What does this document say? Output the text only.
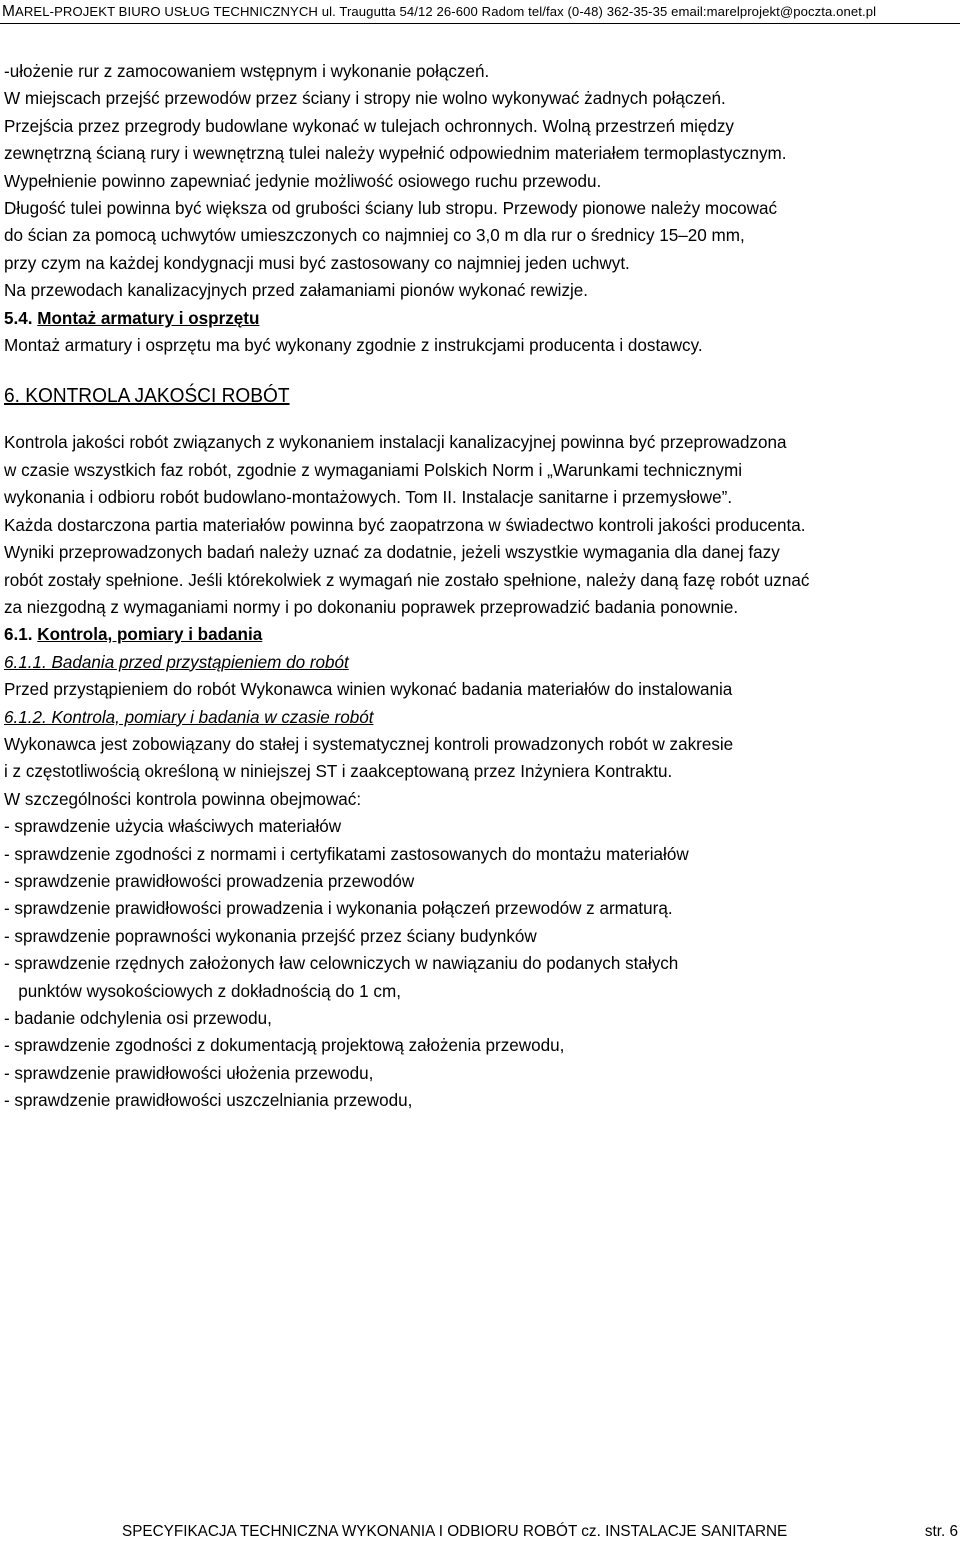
MAREL-PROJEKT BIURO USŁUG TECHNICZNYCH ul. Traugutta 54/12 26-600 Radom tel/fax (0-48) 362-35-35 email:marelprojekt@poczta.onet.pl

-ułożenie rur z zamocowaniem wstępnym i wykonanie połączeń.

W miejscach przejść przewodów przez ściany i stropy nie wolno wykonywać żadnych połączeń.

Przejścia przez przegrody budowlane wykonać w tulejach ochronnych. Wolną przestrzeń między

zewnętrzną ścianą rury i wewnętrzną tulei należy wypełnić odpowiednim materiałem termoplastycznym.

Wypełnienie powinno zapewniać jedynie możliwość osiowego ruchu przewodu.

Długość tulei powinna być większa od grubości ściany lub stropu. Przewody pionowe należy mocować

do ścian za pomocą uchwytów umieszczonych co najmniej co 3,0 m dla rur o średnicy 15–20 mm,

przy czym na każdej kondygnacji musi być zastosowany co najmniej jeden uchwyt.

Na przewodach kanalizacyjnych przed załamaniami pionów wykonać rewizje.

5.4. Montaż armatury i osprzętu

Montaż armatury i osprzętu ma być wykonany zgodnie z instrukcjami producenta i dostawcy.

6. KONTROLA JAKOŚCI ROBÓT

Kontrola jakości robót związanych z wykonaniem instalacji kanalizacyjnej powinna być przeprowadzona

w czasie wszystkich faz robót, zgodnie z wymaganiami Polskich Norm i „Warunkami technicznymi

wykonania i odbioru robót budowlano-montażowych. Tom II. Instalacje sanitarne i przemysłowe”.

Każda dostarczona partia materiałów powinna być zaopatrzona w świadectwo kontroli jakości producenta.

Wyniki przeprowadzonych badań należy uznać za dodatnie, jeżeli wszystkie wymagania dla danej fazy

robót zostały spełnione. Jeśli którekolwiek z wymagań nie zostało spełnione, należy daną fazę robót uznać

za niezgodną z wymaganiami normy i po dokonaniu poprawek przeprowadzić badania ponownie.

6.1. Kontrola, pomiary i badania

6.1.1. Badania przed przystąpieniem do robót

Przed przystąpieniem do robót Wykonawca winien wykonać badania materiałów do instalowania

6.1.2. Kontrola, pomiary i badania w czasie robót

Wykonawca jest zobowiązany do stałej i systematycznej kontroli prowadzonych robót w zakresie

i z częstotliwością określoną w niniejszej ST i zaakceptowaną przez Inżyniera Kontraktu.

W szczególności kontrola powinna obejmować:

- sprawdzenie użycia właściwych materiałów

- sprawdzenie zgodności z normami i certyfikatami zastosowanych do montażu materiałów

- sprawdzenie prawidłowości prowadzenia przewodów

- sprawdzenie prawidłowości prowadzenia i wykonania połączeń przewodów z armaturą.

- sprawdzenie poprawności wykonania przejść przez ściany budynków

- sprawdzenie rzędnych założonych ław celowniczych w nawiązaniu do podanych stałych

punktów wysokościowych z dokładnością do 1 cm,

- badanie odchylenia osi przewodu,

- sprawdzenie zgodności z dokumentacją projektową założenia przewodu,

- sprawdzenie prawidłowości ułożenia przewodu,

- sprawdzenie prawidłowości uszczelniania przewodu,

SPECYFIKACJA TECHNICZNA WYKONANIA I ODBIORU ROBÓT cz. INSTALACJE SANITARNE	str. 6
